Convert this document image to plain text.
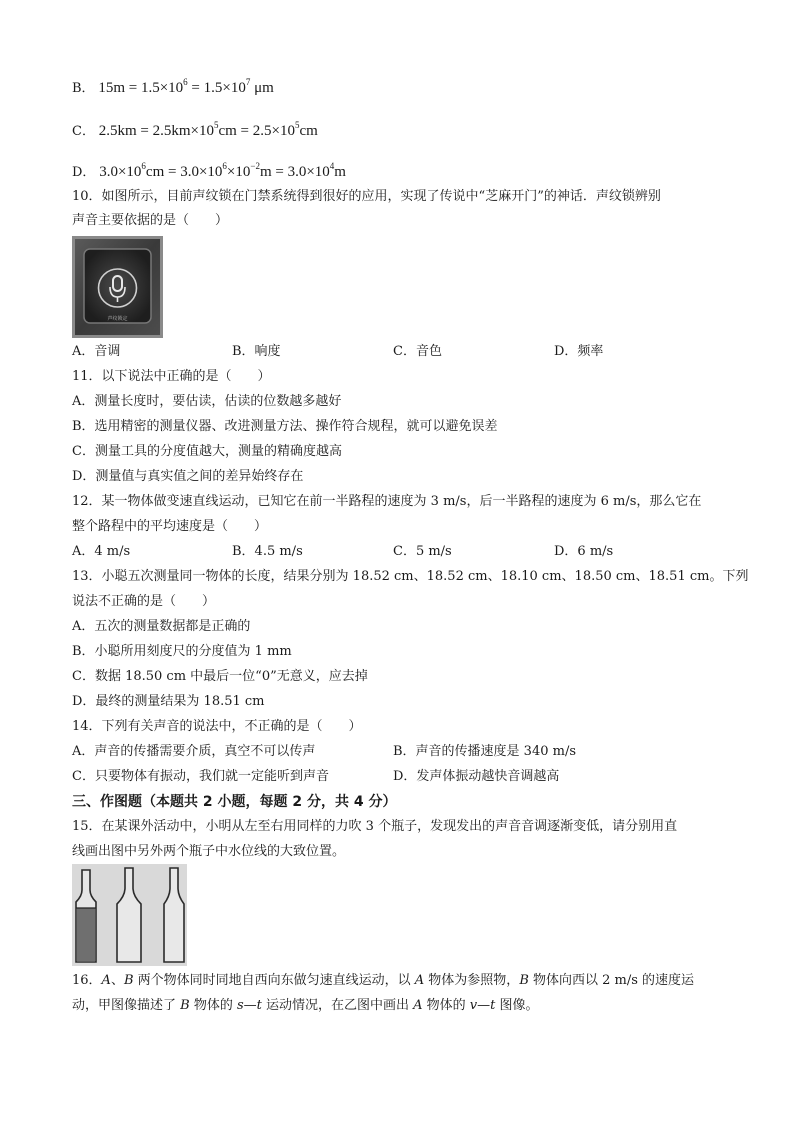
B． $15m = 1.5\times 10^6 = 1.5\times 10^7$ μm
C． $2.5km = 2.5km\times 10^5cm = 2.5\times 10^5cm$
D． $3.0\times 10^6cm = 3.0\times 10^6\times 10^{-2}m = 3.0\times 10^4m$
10．如图所示，目前声纹锁在门禁系统得到很好的应用，实现了传说中“芝麻开门”的神话．声纹锁辨别
声音主要依据的是（　　）
声纹锁定
A．音调	B．响度	C．音色	D．频率
11．以下说法中正确的是（　　）
A．测量长度时，要估读，估读的位数越多越好
B．选用精密的测量仪器、改进测量方法、操作符合规程，就可以避免误差
C．测量工具的分度值越大，测量的精确度越高
D．测量值与真实值之间的差异始终存在
12．某一物体做变速直线运动，已知它在前一半路程的速度为 3 m/s，后一半路程的速度为 6 m/s，那么它在
整个路程中的平均速度是（　　）
A．4 m/s	B．4.5 m/s	C．5 m/s	D．6 m/s
13．小聪五次测量同一物体的长度，结果分别为 18.52 cm、18.52 cm、18.10 cm、18.50 cm、18.51 cm。下列
说法不正确的是（　　）
A．五次的测量数据都是正确的
B．小聪所用刻度尺的分度值为 1 mm
C．数据 18.50 cm 中最后一位“0”无意义，应去掉
D．最终的测量结果为 18.51 cm
14．下列有关声音的说法中，不正确的是（　　）
A．声音的传播需要介质，真空不可以传声	B．声音的传播速度是 340 m/s
C．只要物体有振动，我们就一定能听到声音	D．发声体振动越快音调越高
三、作图题（本题共 2 小题，每题 2 分，共 4 分）
15．在某课外活动中，小明从左至右用同样的力吹 3 个瓶子，发现发出的声音音调逐渐变低，请分别用直
线画出图中另外两个瓶子中水位线的大致位置。
16．A、B 两个物体同时同地自西向东做匀速直线运动，以 A 物体为参照物，B 物体向西以 2 m/s 的速度运
动，甲图像描述了 B 物体的 s—t 运动情况，在乙图中画出 A 物体的 v—t 图像。
